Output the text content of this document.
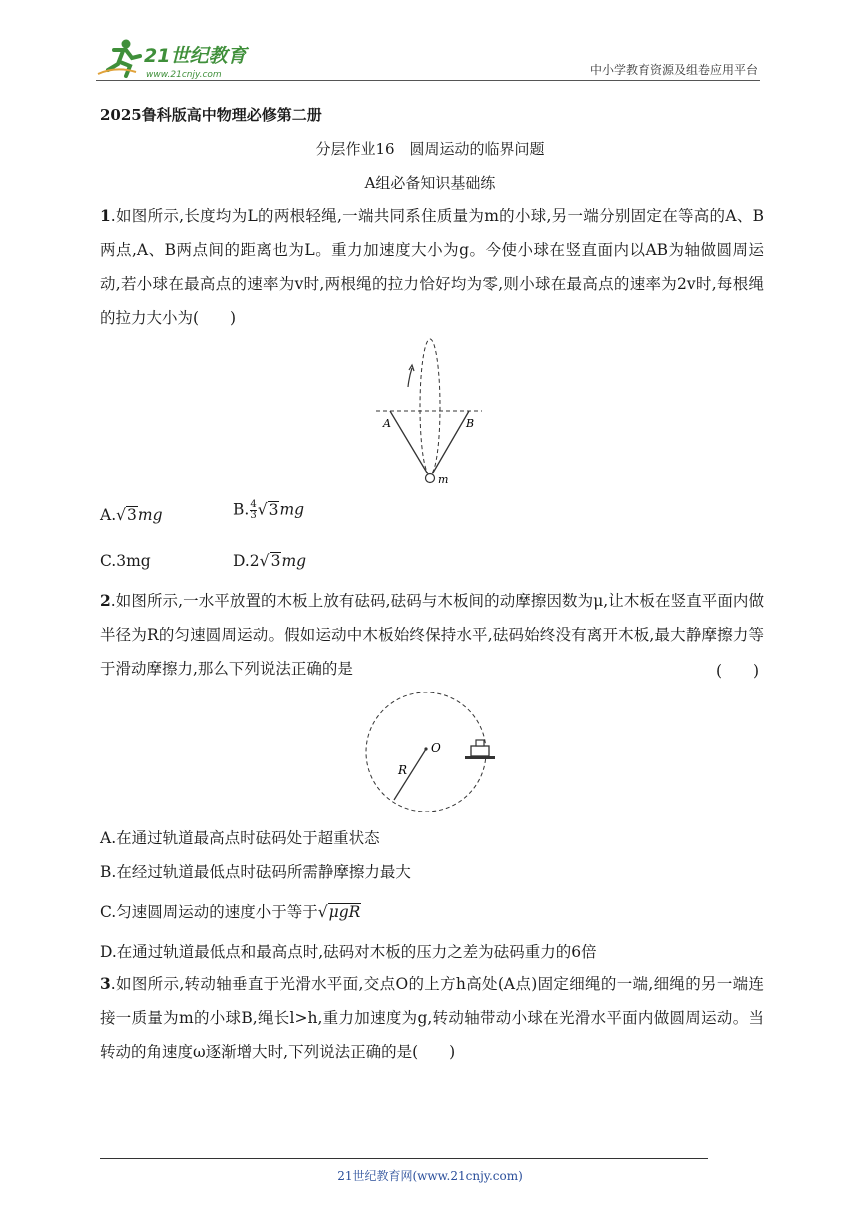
21世纪教育
www.21cnjy.com	中小学教育资源及组卷应用平台
2025鲁科版高中物理必修第二册
分层作业16　圆周运动的临界问题
A组必备知识基础练
1.如图所示,长度均为L的两根轻绳,一端共同系住质量为m的小球,另一端分别固定在等高的A、B两点,A、B两点间的距离也为L。重力加速度大小为g。今使小球在竖直面内以AB为轴做圆周运动,若小球在最高点的速率为v时,两根绳的拉力恰好均为零,则小球在最高点的速率为2v时,每根绳的拉力大小为(　　)
A	B
m
A.√3mg	B. $\frac{4}{3} √3mg$
C.3mg	D.2√3mg
2.如图所示,一水平放置的木板上放有砝码,砝码与木板间的动摩擦因数为μ,让木板在竖直平面内做半径为R的匀速圆周运动。假如运动中木板始终保持水平,砝码始终没有离开木板,最大静摩擦力等于滑动摩擦力,那么下列说法正确的是	(　　)
O
R
A.在通过轨道最高点时砝码处于超重状态
B.在经过轨道最低点时砝码所需静摩擦力最大
C.匀速圆周运动的速度小于等于√μgR
D.在通过轨道最低点和最高点时,砝码对木板的压力之差为砝码重力的6倍
3.如图所示,转动轴垂直于光滑水平面,交点O的上方h高处(A点)固定细绳的一端,细绳的另一端连接一质量为m的小球B,绳长l>h,重力加速度为g,转动轴带动小球在光滑水平面内做圆周运动。当转动的角速度ω逐渐增大时,下列说法正确的是(　　)
21世纪教育网(www.21cnjy.com)
